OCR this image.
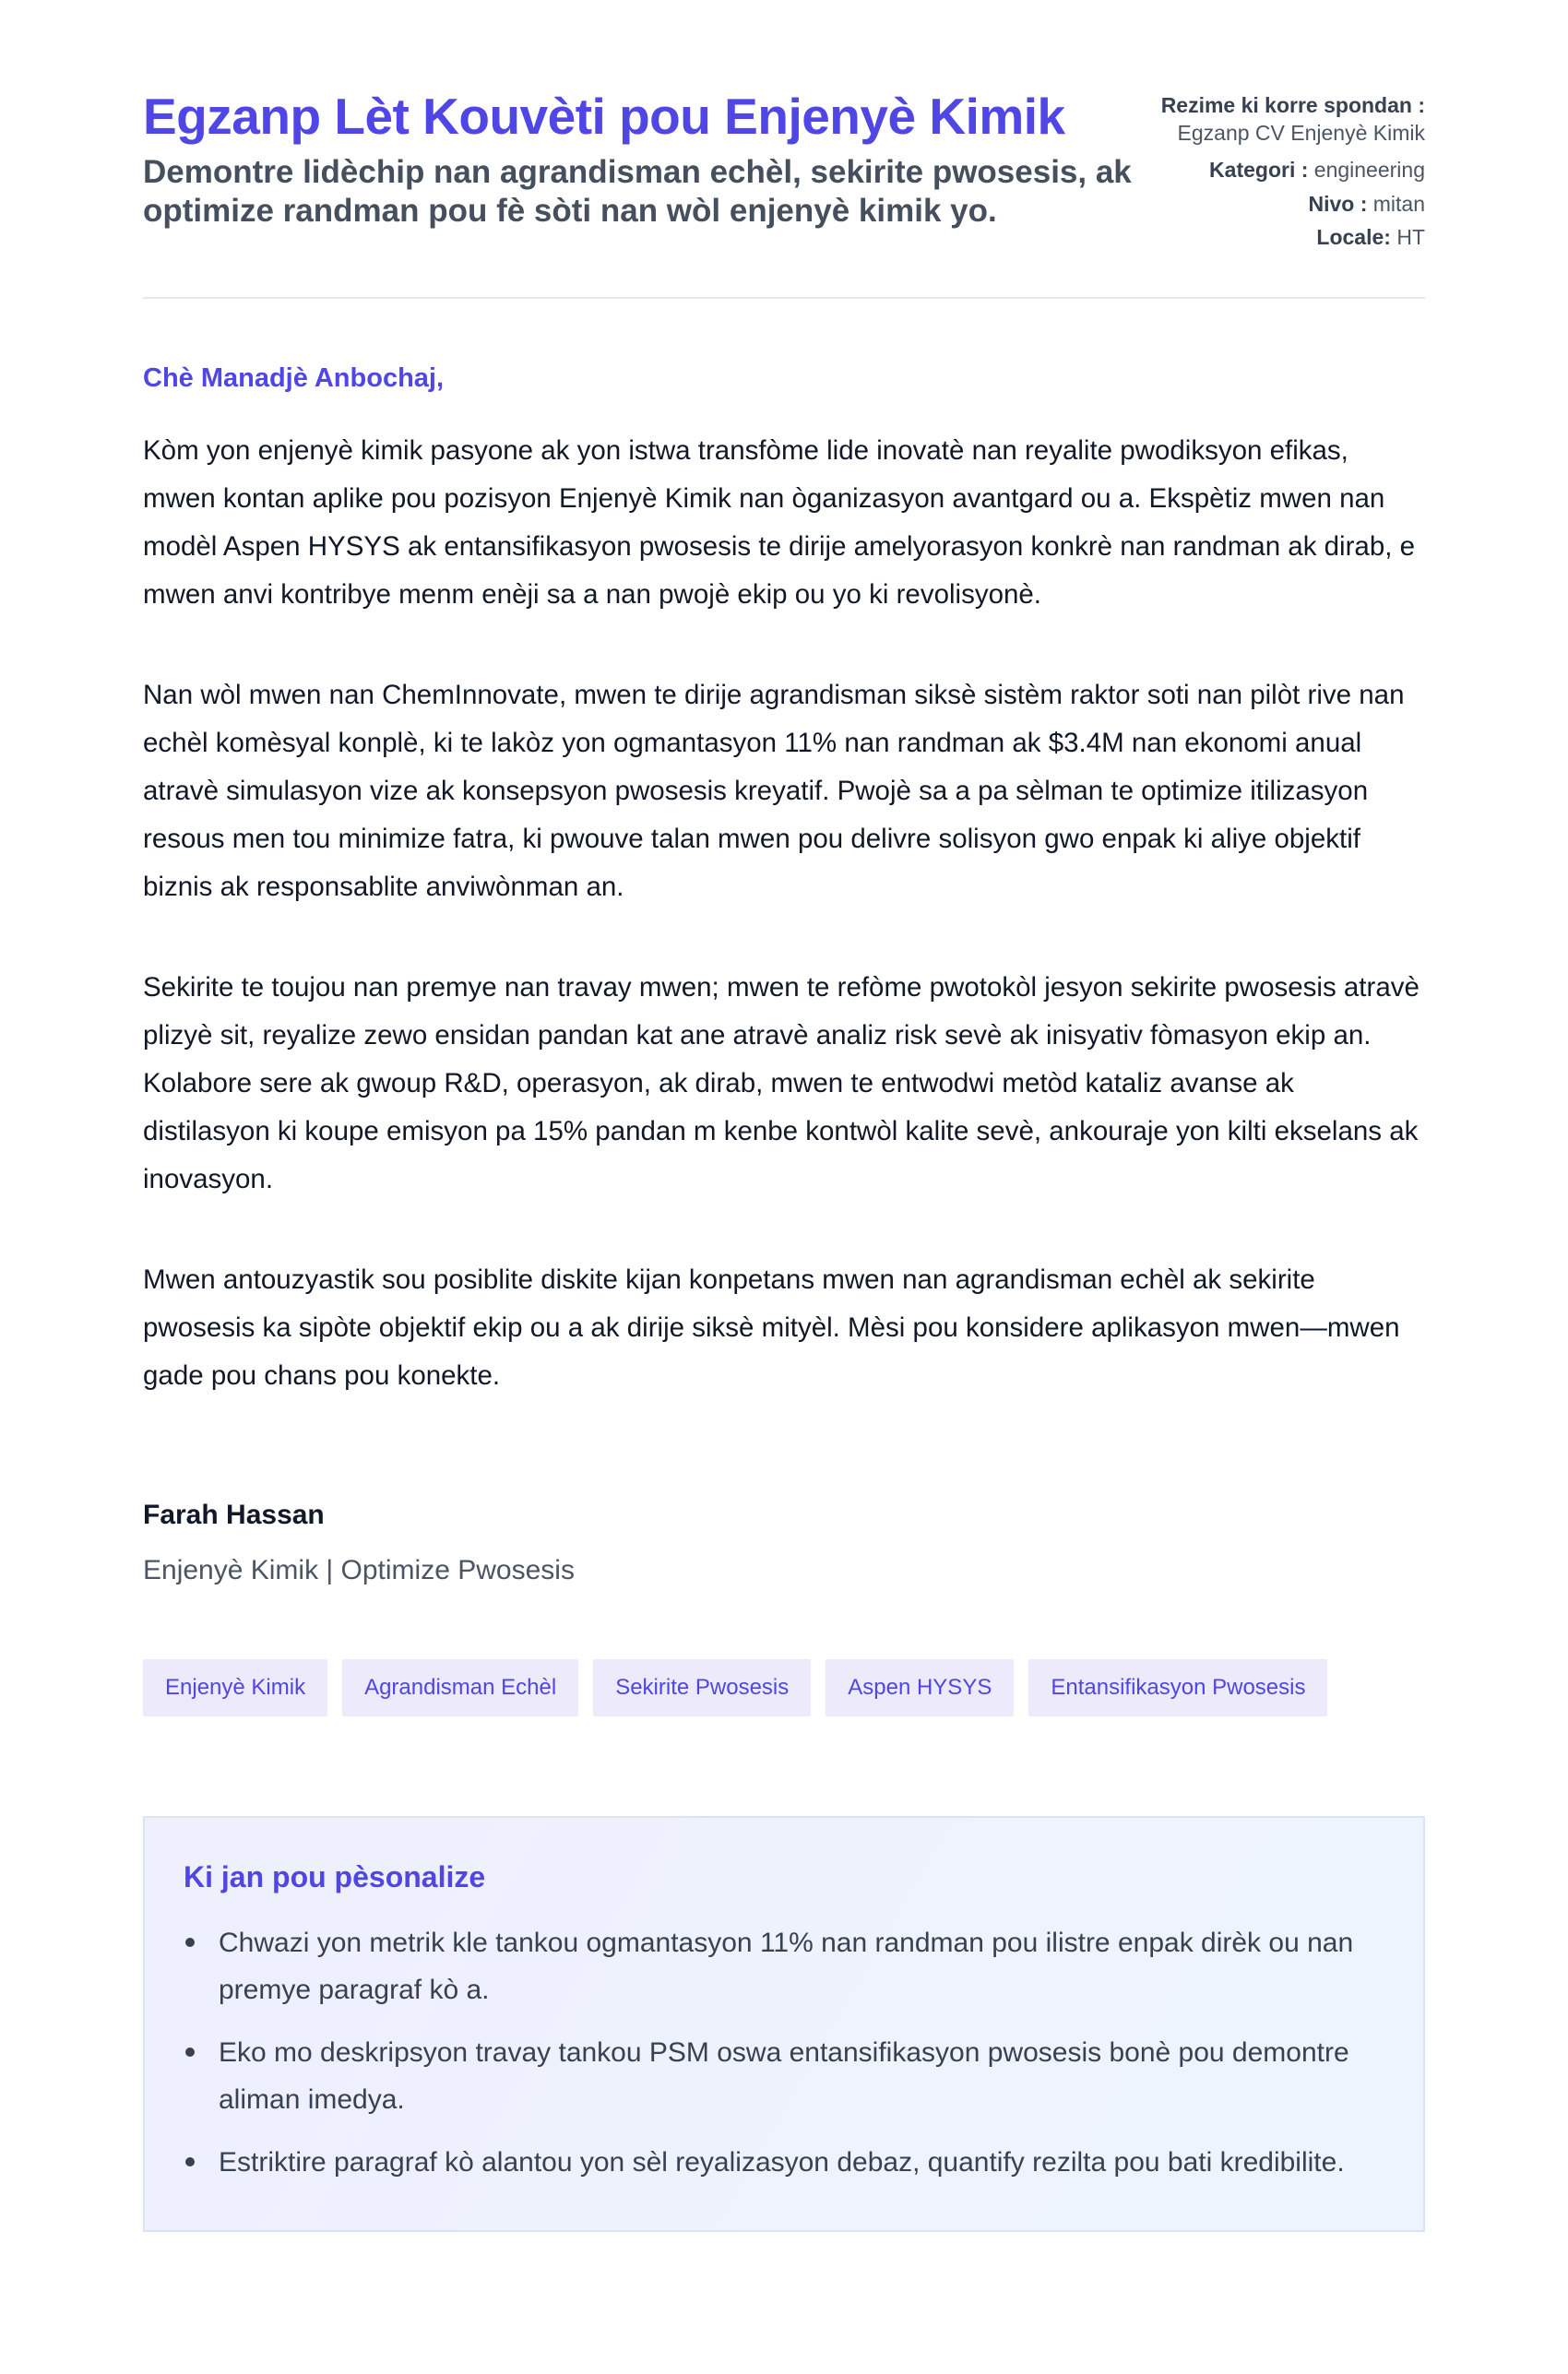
Egzanp Lèt Kouvèti pou Enjenyè Kimik
Demontre lidèchip nan agrandisman echèl, sekirite pwosesis, ak optimize randman pou fè sòti nan wòl enjenyè kimik yo.
Rezime ki korre spondan :
Egzanp CV Enjenyè Kimik
Kategori : engineering
Nivo : mitan
Locale: HT

Chè Manadjè Anbochaj,

Kòm yon enjenyè kimik pasyone ak yon istwa transfòme lide inovatè nan reyalite pwodiksyon efikas, mwen kontan aplike pou pozisyon Enjenyè Kimik nan òganizasyon avantgard ou a. Ekspètiz mwen nan modèl Aspen HYSYS ak entansifikasyon pwosesis te dirije amelyorasyon konkrè nan randman ak dirab, e mwen anvi kontribye menm enèji sa a nan pwojè ekip ou yo ki revolisyonè.

Nan wòl mwen nan ChemInnovate, mwen te dirije agrandisman siksè sistèm raktor soti nan pilòt rive nan echèl komèsyal konplè, ki te lakòz yon ogmantasyon 11% nan randman ak $3.4M nan ekonomi anual atravè simulasyon vize ak konsepsyon pwosesis kreyatif. Pwojè sa a pa sèlman te optimize itilizasyon resous men tou minimize fatra, ki pwouve talan mwen pou delivre solisyon gwo enpak ki aliye objektif biznis ak responsablite anviwònman an.

Sekirite te toujou nan premye nan travay mwen; mwen te refòme pwotokòl jesyon sekirite pwosesis atravè plizyè sit, reyalize zewo ensidan pandan kat ane atravè analiz risk sevè ak inisyativ fòmasyon ekip an. Kolabore sere ak gwoup R&D, operasyon, ak dirab, mwen te entwodwi metòd kataliz avanse ak distilasyon ki koupe emisyon pa 15% pandan m kenbe kontwòl kalite sevè, ankouraje yon kilti ekselans ak inovasyon.

Mwen antouzyastik sou posiblite diskite kijan konpetans mwen nan agrandisman echèl ak sekirite pwosesis ka sipòte objektif ekip ou a ak dirije siksè mityèl. Mèsi pou konsidere aplikasyon mwen—mwen gade pou chans pou konekte.

Farah Hassan
Enjenyè Kimik | Optimize Pwosesis
Enjenyè Kimik	Agrandisman Echèl	Sekirite Pwosesis	Aspen HYSYS	Entansifikasyon Pwosesis
Ki jan pou pèsonalize
Chwazi yon metrik kle tankou ogmantasyon 11% nan randman pou ilistre enpak dirèk ou nan premye paragraf kò a.
Eko mo deskripsyon travay tankou PSM oswa entansifikasyon pwosesis bonè pou demontre aliman imedya.
Estriktire paragraf kò alantou yon sèl reyalizasyon debaz, quantify rezilta pou bati kredibilite.
